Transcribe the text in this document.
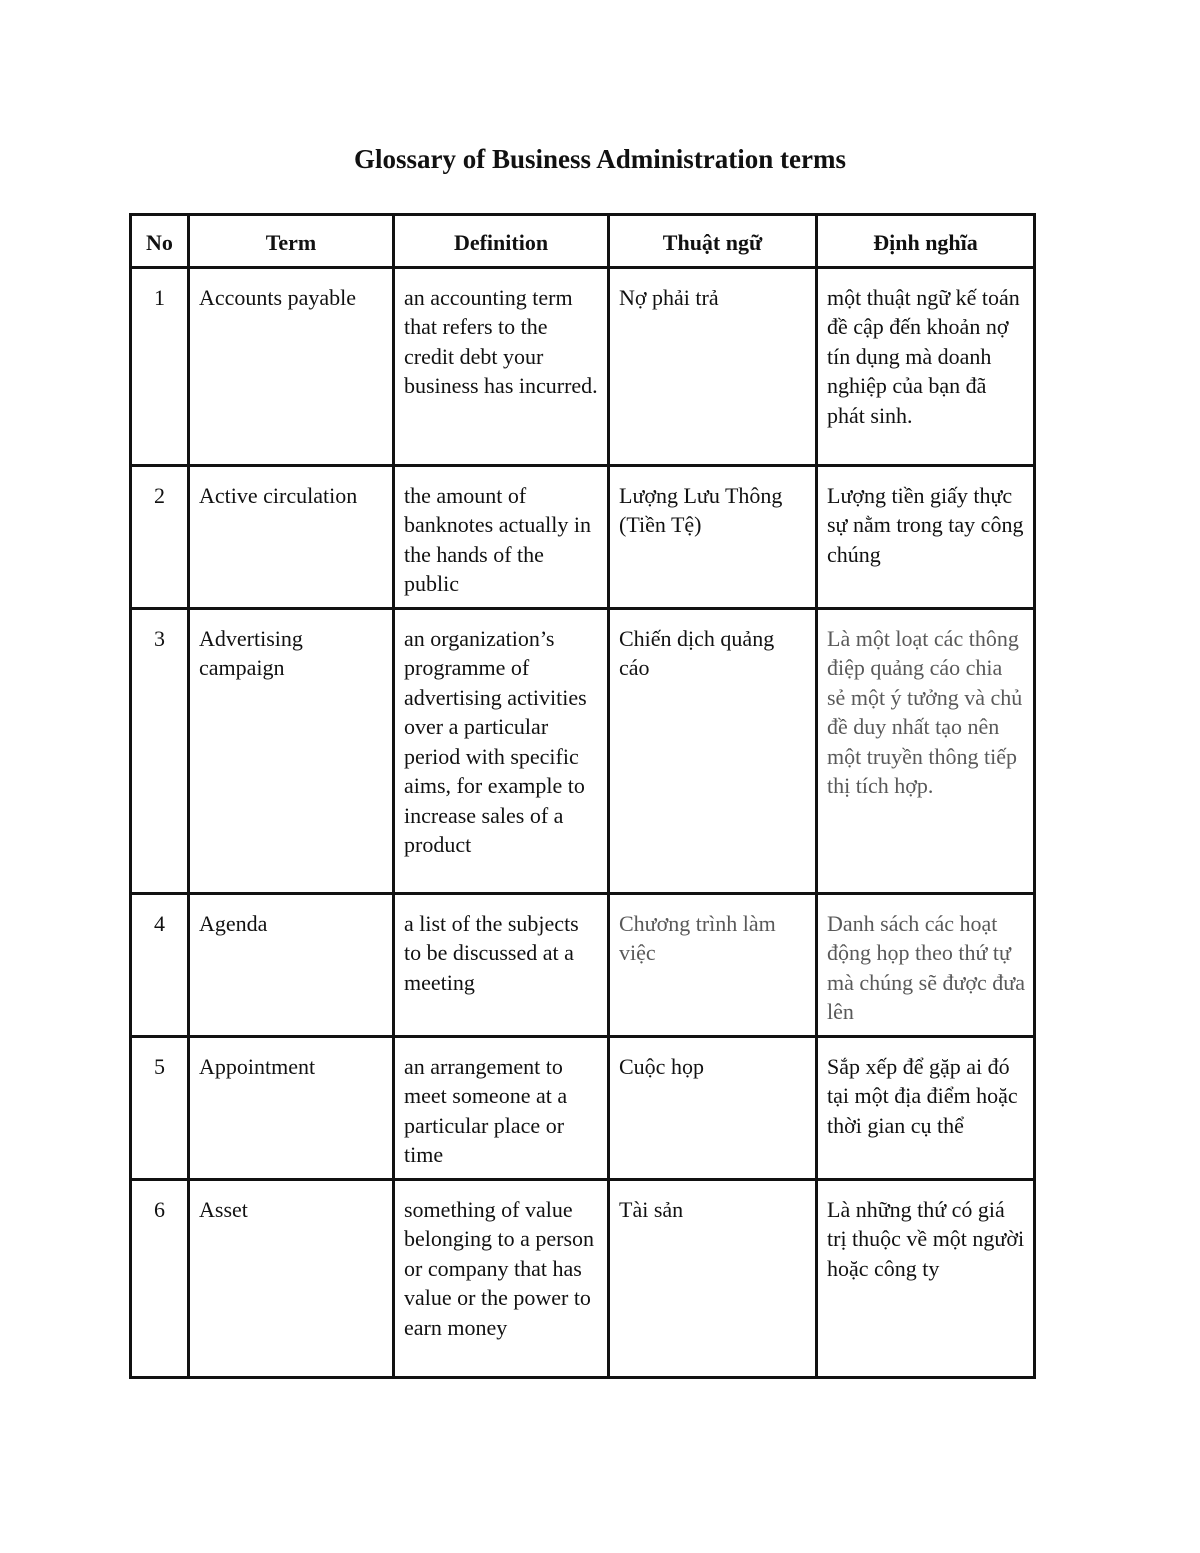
Glossary of Business Administration terms
No	Term	Definition	Thuật ngữ	Định nghĩa
1	Accounts payable	an accounting term that refers to the credit debt your business has incurred.	Nợ phải trả	một thuật ngữ kế toán đề cập đến khoản nợ tín dụng mà doanh nghiệp của bạn đã phát sinh.
2	Active circulation	the amount of banknotes actually in the hands of the public	Lượng Lưu Thông (Tiền Tệ)	Lượng tiền giấy thực sự nằm trong tay công chúng
3	Advertising campaign	an organization’s programme of advertising activities over a particular period with specific aims, for example to increase sales of a product	Chiến dịch quảng cáo	Là một loạt các thông điệp quảng cáo chia sẻ một ý tưởng và chủ đề duy nhất tạo nên một truyền thông tiếp thị tích hợp.
4	Agenda	a list of the subjects to be discussed at a meeting	Chương trình làm việc	Danh sách các hoạt động họp theo thứ tự mà chúng sẽ được đưa lên
5	Appointment	an arrangement to meet someone at a particular place or time	Cuộc họp	Sắp xếp để gặp ai đó tại một địa điểm hoặc thời gian cụ thể
6	Asset	something of value belonging to a person or company that has value or the power to earn money	Tài sản	Là những thứ có giá trị thuộc về một người hoặc công ty
